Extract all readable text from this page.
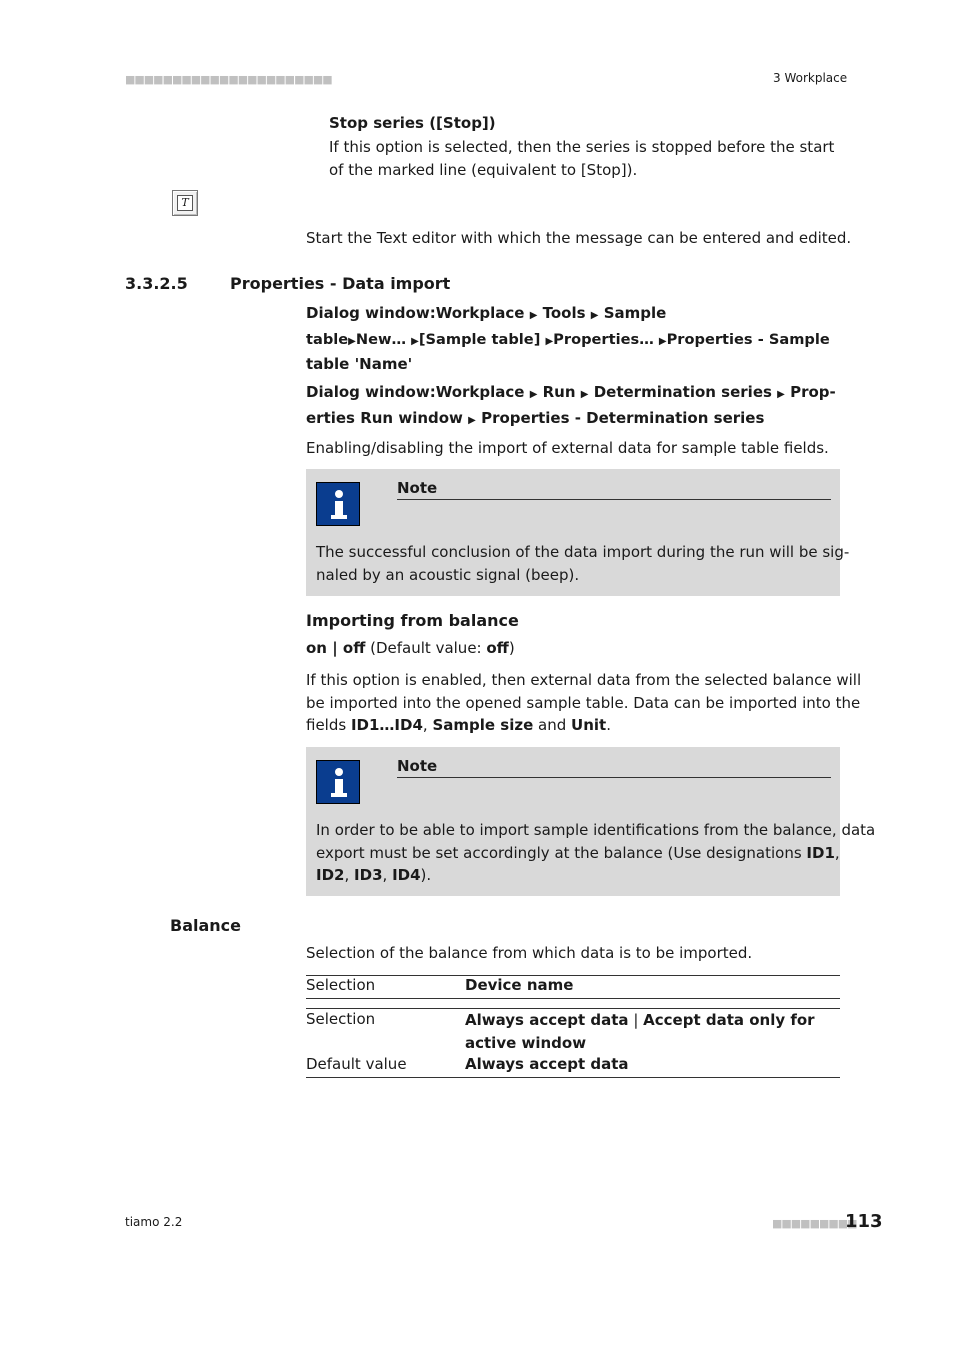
■■■■■■■■■■■■■■■■■■■■■■	3 Workplace
Stop series ([Stop])
If this option is selected, then the series is stopped before the start of the marked line (equivalent to [Stop]).
T
Start the Text editor with which the message can be entered and edited.
3.3.2.5	Properties - Data import
Dialog window:Workplace ▶ Tools ▶ Sample
table▶New… ▶[Sample table] ▶Properties… ▶Properties - Sample
table 'Name'
Dialog window:Workplace ▶ Run ▶ Determination series ▶ Prop-
erties Run window ▶ Properties - Determination series
Enabling/disabling the import of external data for sample table fields.
Note
The successful conclusion of the data import during the run will be sig-
naled by an acoustic signal (beep).
Importing from balance
on | off (Default value: off)
If this option is enabled, then external data from the selected balance will
be imported into the opened sample table. Data can be imported into the
fields ID1…ID4, Sample size and Unit.
Note
In order to be able to import sample identifications from the balance, data
export must be set accordingly at the balance (Use designations ID1,
ID2, ID3, ID4).
Balance
Selection of the balance from which data is to be imported.
Selection	Device name
Selection	Always accept data | Accept data only for
active window
Default value	Always accept data
tiamo 2.2	■■■■■■■■■
113
